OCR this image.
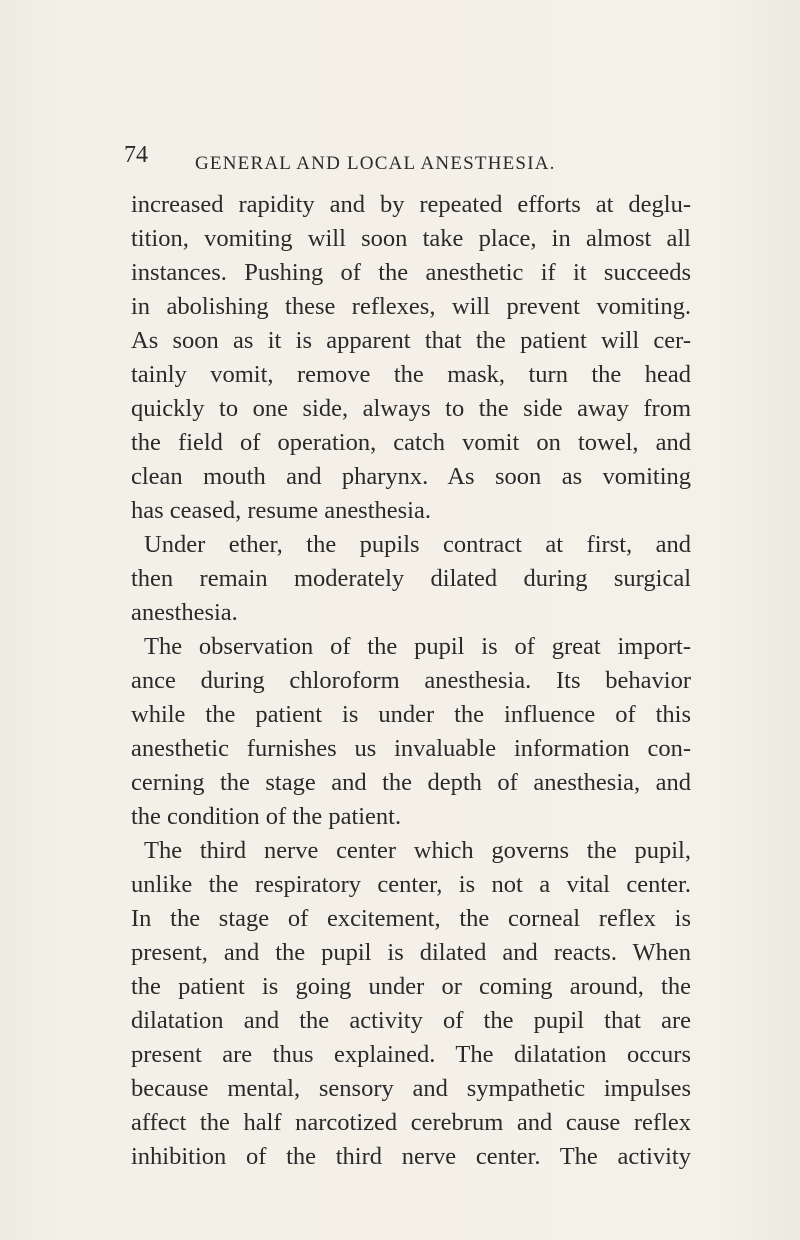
74 GENERAL AND LOCAL ANESTHESIA.
increased rapidity and by repeated efforts at deglu-
tition, vomiting will soon take place, in almost all
instances. Pushing of the anesthetic if it succeeds
in abolishing these reflexes, will prevent vomiting.
As soon as it is apparent that the patient will cer-
tainly vomit, remove the mask, turn the head
quickly to one side, always to the side away from
the field of operation, catch vomit on towel, and
clean mouth and pharynx. As soon as vomiting
has ceased, resume anesthesia.
Under ether, the pupils contract at first, and
then remain moderately dilated during surgical
anesthesia.
The observation of the pupil is of great import-
ance during chloroform anesthesia. Its behavior
while the patient is under the influence of this
anesthetic furnishes us invaluable information con-
cerning the stage and the depth of anesthesia, and
the condition of the patient.
The third nerve center which governs the pupil,
unlike the respiratory center, is not a vital center.
In the stage of excitement, the corneal reflex is
present, and the pupil is dilated and reacts. When
the patient is going under or coming around, the
dilatation and the activity of the pupil that are
present are thus explained. The dilatation occurs
because mental, sensory and sympathetic impulses
affect the half narcotized cerebrum and cause reflex
inhibition of the third nerve center. The activity
